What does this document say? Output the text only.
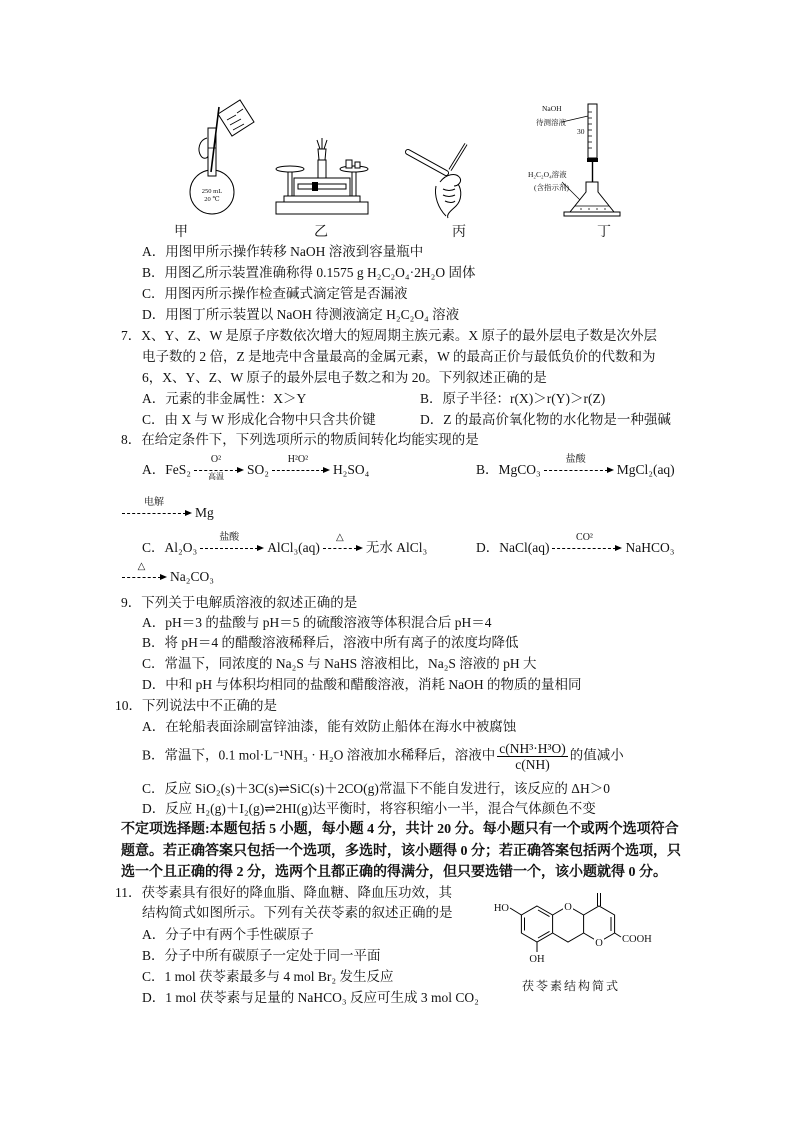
250 mL
20 ℃
NaOH
待测溶液
30
H₂C₂O₄溶液
(含指示剂)
甲	乙	丙	丁
A．用图甲所示操作转移 NaOH 溶液到容量瓶中
B．用图乙所示装置准确称得 0.1575 g H₂C₂O₄·2H₂O 固体
C．用图丙所示操作检查碱式滴定管是否漏液
D．用图丁所示装置以 NaOH 待测液滴定 H₂C₂O₄ 溶液
7．X、Y、Z、W 是原子序数依次增大的短周期主族元素。X 原子的最外层电子数是次外层
电子数的 2 倍，Z 是地壳中含量最高的金属元素，W 的最高正价与最低负价的代数和为
6，X、Y、Z、W 原子的最外层电子数之和为 20。下列叙述正确的是
A．元素的非金属性：X＞Y	B．原子半径：r(X)＞r(Y)＞r(Z)
C．由 X 与 W 形成化合物中只含共价键	D．Z 的最高价氧化物的水化物是一种强碱
8．在给定条件下，下列选项所示的物质间转化均能实现的是
A．FeS₂
O²
高温	SO₂
H²O²
H₂SO₄	B．MgCO₃
盐酸
MgCl₂(aq)
电解
Mg
C．Al₂O₃
盐酸
AlCl₃(aq)
△
无水 AlCl₃	D．NaCl(aq)
CO²
NaHCO₃
△
Na₂CO₃
9．下列关于电解质溶液的叙述正确的是
A．pH＝3 的盐酸与 pH＝5 的硫酸溶液等体积混合后 pH＝4
B．将 pH＝4 的醋酸溶液稀释后，溶液中所有离子的浓度均降低
C．常温下，同浓度的 Na₂S 与 NaHS 溶液相比，Na₂S 溶液的 pH 大
D．中和 pH 与体积均相同的盐酸和醋酸溶液，消耗 NaOH 的物质的量相同
10．下列说法中不正确的是
A．在轮船表面涂刷富锌油漆，能有效防止船体在海水中被腐蚀
B．常温下，0.1 mol·L⁻¹NH₃ · H₂O 溶液加水稀释后，溶液中 $\frac{\text{c(NH³·H³O)}}{c(NH)}$ 的值减小
C．反应 SiO₂(s)＋3C(s)⇌SiC(s)＋2CO(g)常温下不能自发进行，该反应的 ΔH＞0
D．反应 H₂(g)＋I₂(g)⇌2HI(g)达平衡时，将容积缩小一半，混合气体颜色不变
不定项选择题:本题包括 5 小题，每小题 4 分，共计 20 分。每小题只有一个或两个选项符合
题意。若正确答案只包括一个选项，多选时，该小题得 0 分；若正确答案包括两个选项，只
选一个且正确的得 2 分，选两个且都正确的得满分，但只要选错一个，该小题就得 0 分。
11．茯苓素具有很好的降血脂、降血糖、降血压功效，其
结构简式如图所示。下列有关茯苓素的叙述正确的是
A．分子中有两个手性碳原子
B．分子中所有碳原子一定处于同一平面
C．1 mol 茯苓素最多与 4 mol Br₂ 发生反应
D．1 mol 茯苓素与足量的 NaHCO₃ 反应可生成 3 mol CO₂
HO
OH
O
O COOH
茯苓素结构简式
